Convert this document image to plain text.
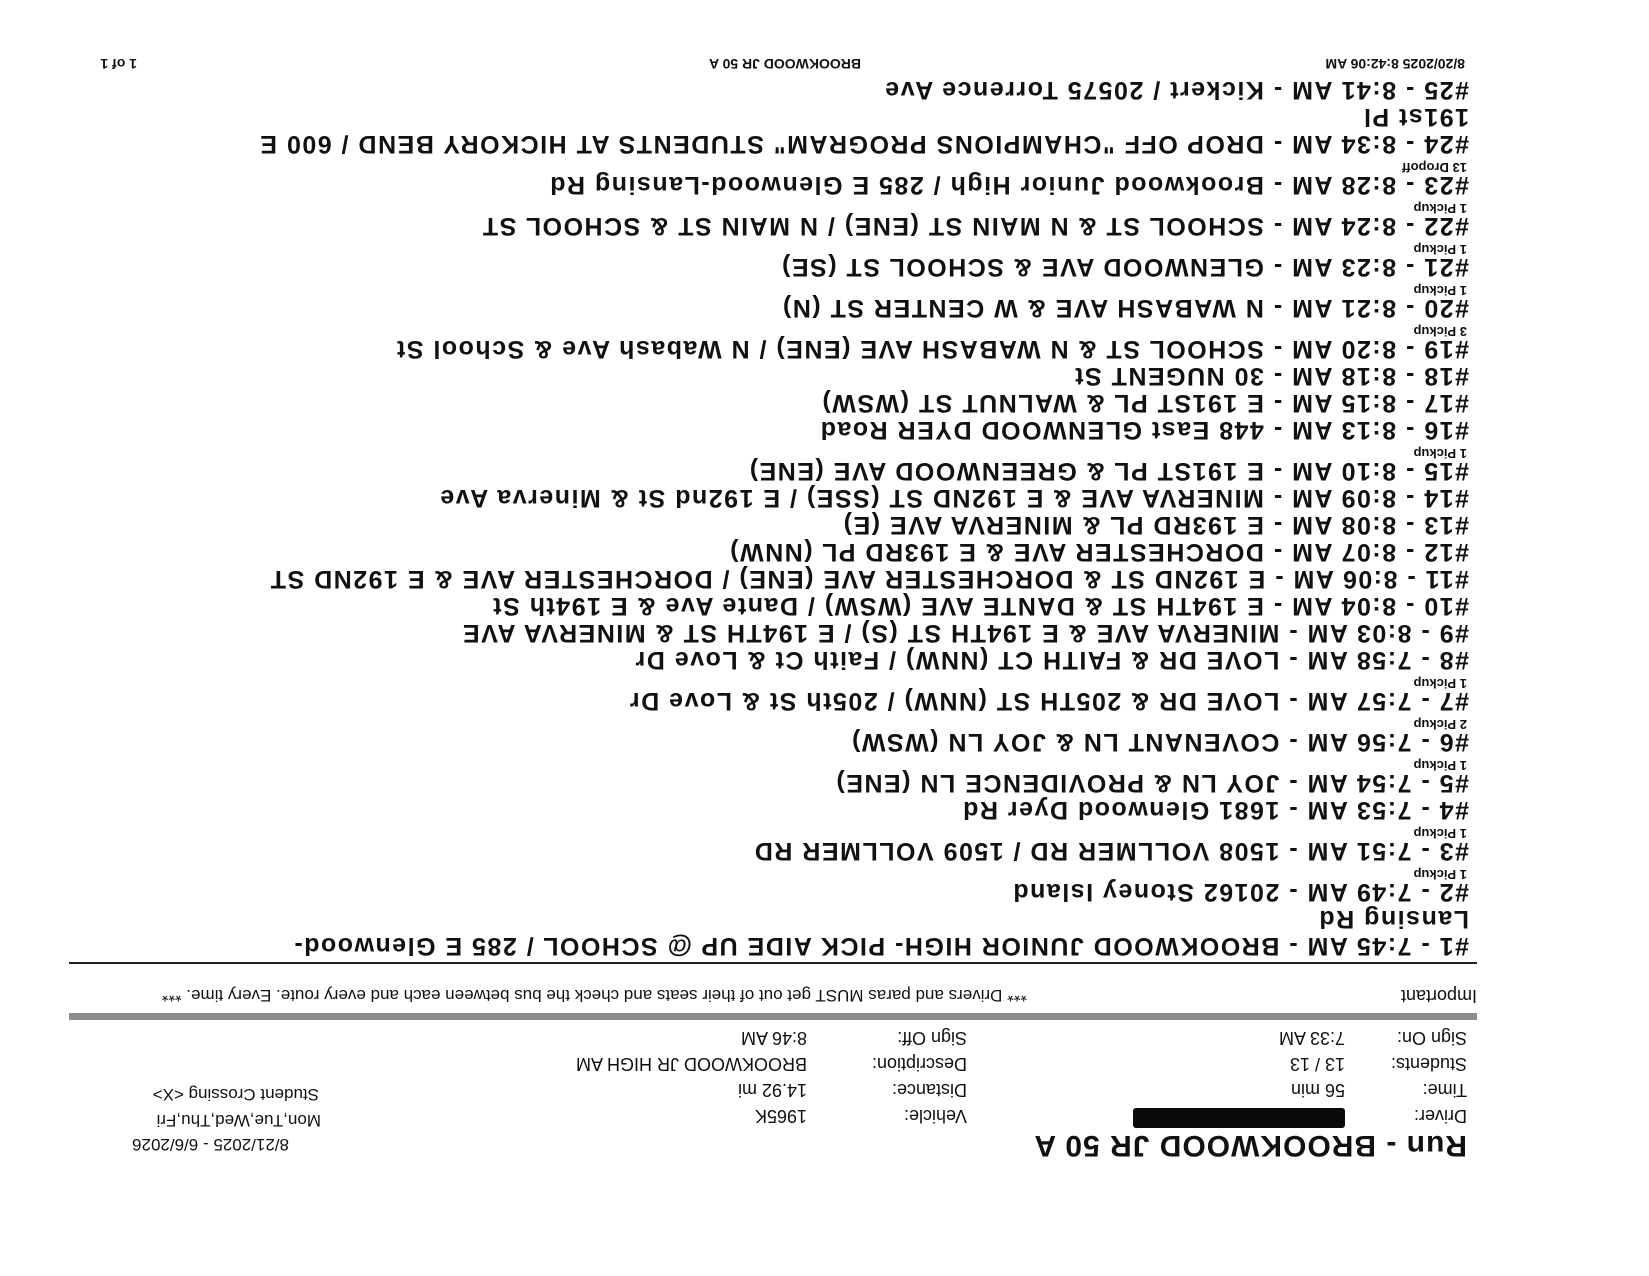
Run - BROOKWOOD JR 50 A
8/21/2025 - 6/6/2026
Mon,Tue,Wed,Thu,Fri
Student Crossing <X>
Driver:
Vehicle:
1965K
Time:
56 min
Distance:
14.92 mi
Students:
13 / 13
Description:
BROOKWOOD JR HIGH AM
Sign On:
7:33 AM
Sign Off:
8:46 AM
Important
*** Drivers and paras MUST get out of their seats and check the bus between each and every route. Every time. ***
#1 - 7:45 AM - BROOKWOOD JUNIOR HIGH- PICK AIDE UP @ SCHOOL / 285 E Glenwood-
Lansing Rd
#2 - 7:49 AM - 20162 Stoney Island
1 Pickup
#3 - 7:51 AM - 1508 VOLLMER RD / 1509 VOLLMER RD
1 Pickup
#4 - 7:53 AM - 1681 Glenwood Dyer Rd
#5 - 7:54 AM - JOY LN & PROVIDENCE LN (ENE)
1 Pickup
#6 - 7:56 AM - COVENANT LN & JOY LN (WSW)
2 Pickup
#7 - 7:57 AM - LOVE DR & 205TH ST (NNW) / 205th St & Love Dr
1 Pickup
#8 - 7:58 AM - LOVE DR & FAITH CT (NNW) / Faith Ct & Love Dr
#9 - 8:03 AM - MINERVA AVE & E 194TH ST (S) / E 194TH ST & MINERVA AVE
#10 - 8:04 AM - E 194TH ST & DANTE AVE (WSW) / Dante Ave & E 194th St
#11 - 8:06 AM - E 192ND ST & DORCHESTER AVE (ENE) / DORCHESTER AVE & E 192ND ST
#12 - 8:07 AM - DORCHESTER AVE & E 193RD PL (NNW)
#13 - 8:08 AM - E 193RD PL & MINERVA AVE (E)
#14 - 8:09 AM - MINERVA AVE & E 192ND ST (SSE) / E 192nd St & Minerva Ave
#15 - 8:10 AM - E 191ST PL & GREENWOOD AVE (ENE)
1 Pickup
#16 - 8:13 AM - 448 East GLENWOOD DYER Road
#17 - 8:15 AM - E 191ST PL & WALNUT ST (WSW)
#18 - 8:18 AM - 30 NUGENT St
#19 - 8:20 AM - SCHOOL ST & N WABASH AVE (ENE) / N Wabash Ave & School St
3 Pickup
#20 - 8:21 AM - N WABASH AVE & W CENTER ST (N)
1 Pickup
#21 - 8:23 AM - GLENWOOD AVE & SCHOOL ST (SE)
1 Pickup
#22 - 8:24 AM - SCHOOL ST & N MAIN ST (ENE) / N MAIN ST & SCHOOL ST
1 Pickup
#23 - 8:28 AM - Brookwood Junior High / 285 E Glenwood-Lansing Rd
13 Dropoff
#24 - 8:34 AM - DROP OFF "CHAMPIONS PROGRAM" STUDENTS AT HICKORY BEND / 600 E
191st Pl
#25 - 8:41 AM - Kickert / 20575 Torrence Ave
8/20/2025 8:42:06 AM
BROOKWOOD JR 50 A
1 of 1
